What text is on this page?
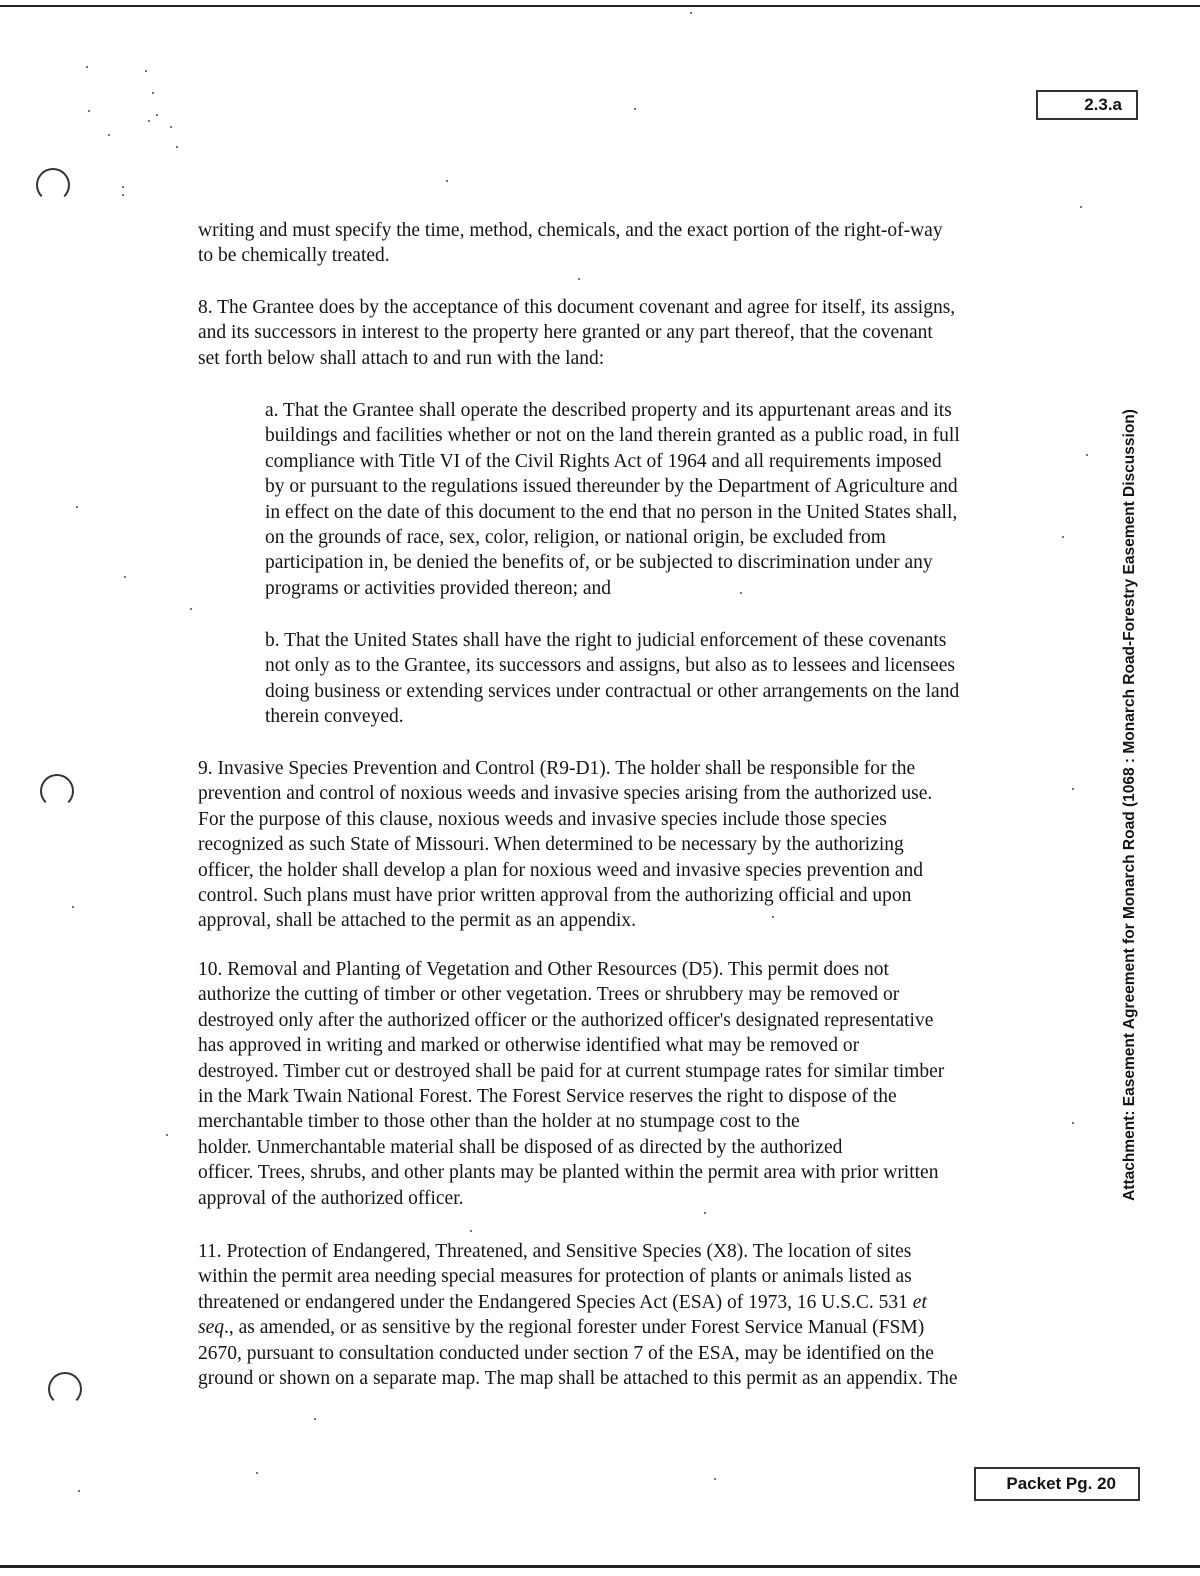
2.3.a
Attachment: Easement Agreement for Monarch Road (1068 : Monarch Road-Forestry Easement Discussion)
Packet Pg. 20
writing and must specify the time, method, chemicals, and the exact portion of the right-of-way
to be chemically treated.
8. The Grantee does by the acceptance of this document covenant and agree for itself, its assigns,
and its successors in interest to the property here granted or any part thereof, that the covenant
set forth below shall attach to and run with the land:
a. That the Grantee shall operate the described property and its appurtenant areas and its
buildings and facilities whether or not on the land therein granted as a public road, in full
compliance with Title VI of the Civil Rights Act of 1964 and all requirements imposed
by or pursuant to the regulations issued thereunder by the Department of Agriculture and
in effect on the date of this document to the end that no person in the United States shall,
on the grounds of race, sex, color, religion, or national origin, be excluded from
participation in, be denied the benefits of, or be subjected to discrimination under any
programs or activities provided thereon; and
b. That the United States shall have the right to judicial enforcement of these covenants
not only as to the Grantee, its successors and assigns, but also as to lessees and licensees
doing business or extending services under contractual or other arrangements on the land
therein conveyed.
9. Invasive Species Prevention and Control (R9-D1). The holder shall be responsible for the
prevention and control of noxious weeds and invasive species arising from the authorized use.
For the purpose of this clause, noxious weeds and invasive species include those species
recognized as such State of Missouri. When determined to be necessary by the authorizing
officer, the holder shall develop a plan for noxious weed and invasive species prevention and
control. Such plans must have prior written approval from the authorizing official and upon
approval, shall be attached to the permit as an appendix.
10. Removal and Planting of Vegetation and Other Resources (D5). This permit does not
authorize the cutting of timber or other vegetation. Trees or shrubbery may be removed or
destroyed only after the authorized officer or the authorized officer's designated representative
has approved in writing and marked or otherwise identified what may be removed or
destroyed. Timber cut or destroyed shall be paid for at current stumpage rates for similar timber
in the Mark Twain National Forest. The Forest Service reserves the right to dispose of the
merchantable timber to those other than the holder at no stumpage cost to the
holder. Unmerchantable material shall be disposed of as directed by the authorized
officer. Trees, shrubs, and other plants may be planted within the permit area with prior written
approval of the authorized officer.
11. Protection of Endangered, Threatened, and Sensitive Species (X8). The location of sites
within the permit area needing special measures for protection of plants or animals listed as
threatened or endangered under the Endangered Species Act (ESA) of 1973, 16 U.S.C. 531 et
seq., as amended, or as sensitive by the regional forester under Forest Service Manual (FSM)
2670, pursuant to consultation conducted under section 7 of the ESA, may be identified on the
ground or shown on a separate map. The map shall be attached to this permit as an appendix. The
